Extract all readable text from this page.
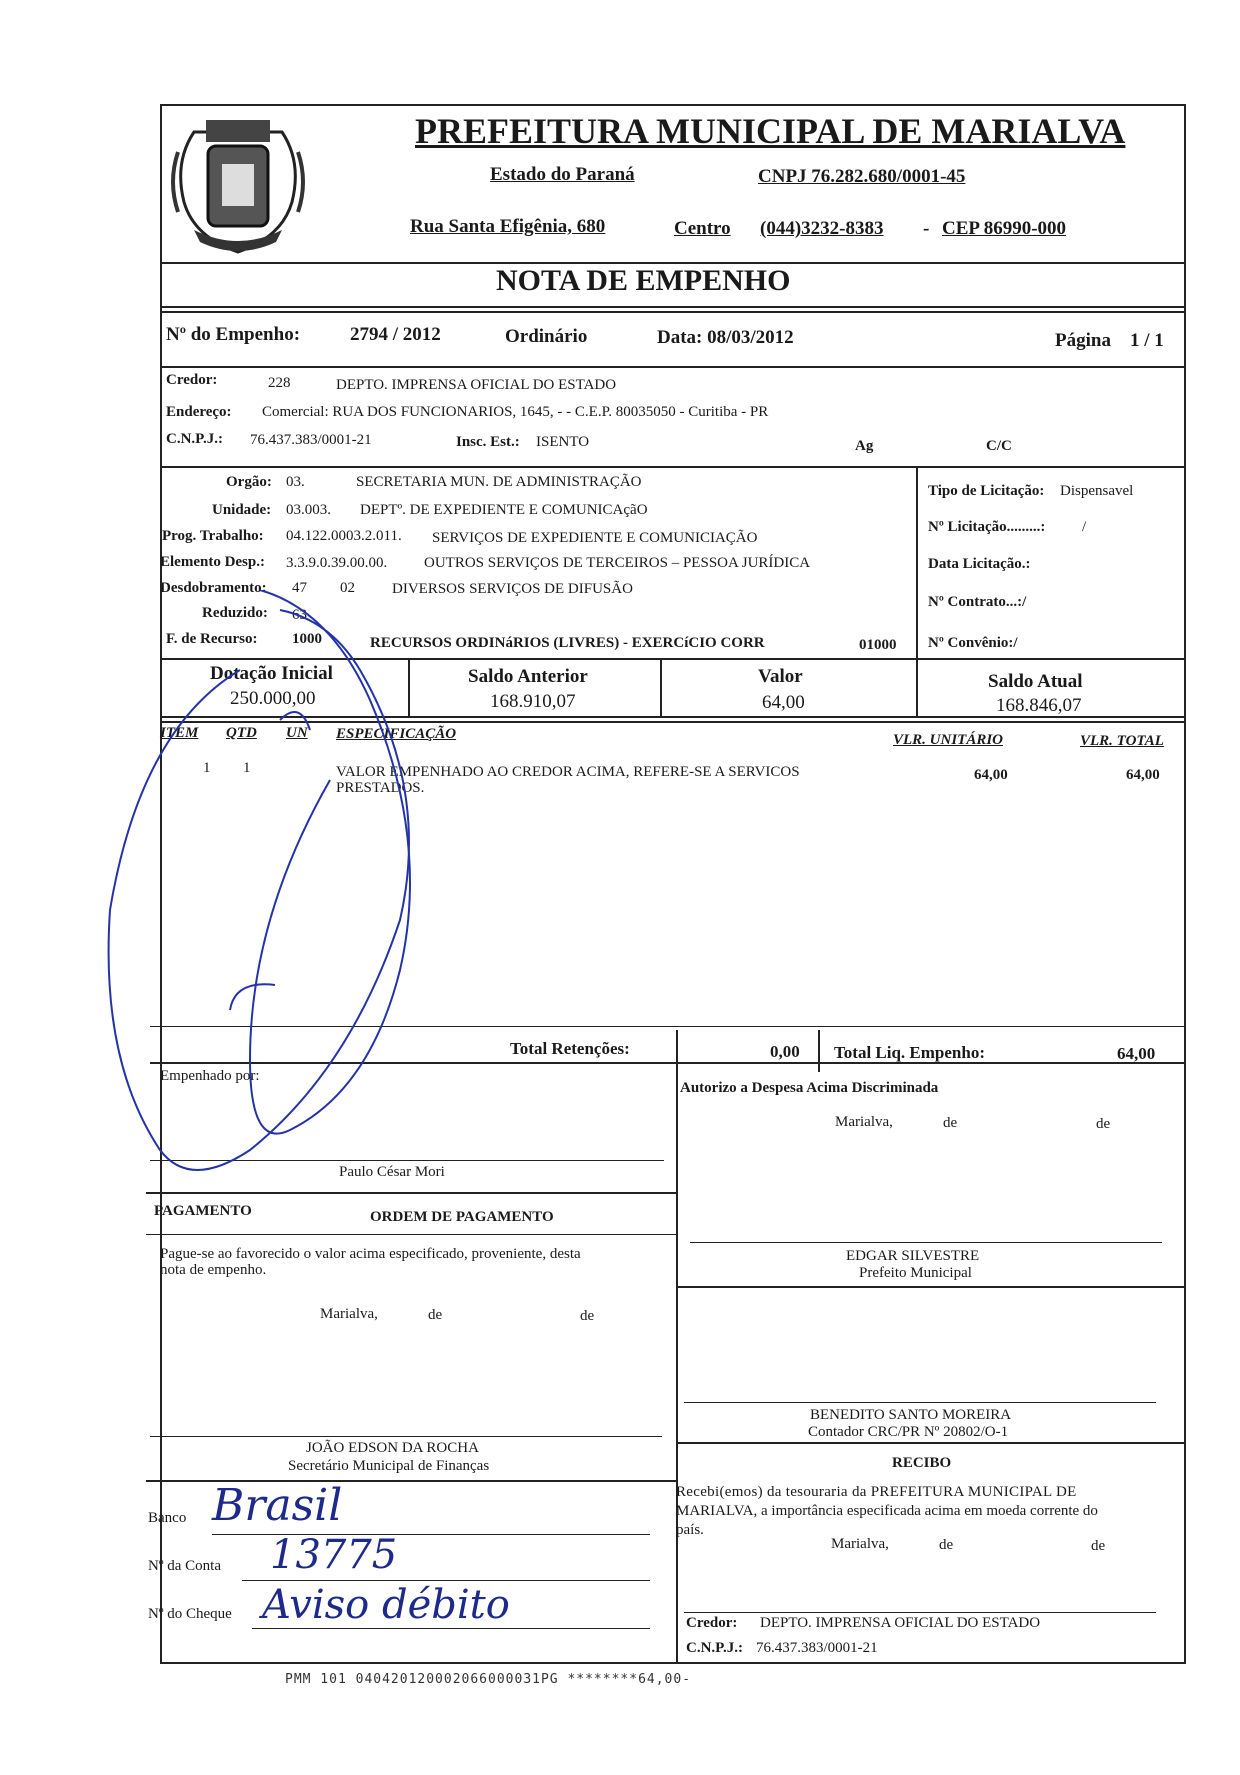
PREFEITURA MUNICIPAL DE MARIALVA
Estado do Paraná	CNPJ 76.282.680/0001-45
Rua Santa Efigênia, 680	Centro (044)3232-8383 - CEP 86990-000
NOTA DE EMPENHO
Nº do Empenho:	2794 / 2012	Ordinário	Data: 08/03/2012	Página 1 / 1
Credor:	228	DEPTO. IMPRENSA OFICIAL DO ESTADO
Endereço: Comercial: RUA DOS FUNCIONARIOS, 1645, - - C.E.P. 80035050 - Curitiba - PR
C.N.P.J.: 76.437.383/0001-21	Insc. Est.: ISENTO	Ag	C/C
Orgão: 03.	SECRETARIA MUN. DE ADMINISTRAÇÃO
Unidade: 03.003. DEPTº. DE EXPEDIENTE E COMUNICAçãO
Prog. Trabalho: 04.122.0003.2.011. SERVIÇOS DE EXPEDIENTE E COMUNICIAÇÃO
Elemento Desp.: 3.3.9.0.39.00.00. OUTROS SERVIÇOS DE TERCEIROS – PESSOA JURÍDICA
Desdobramento: 47 02 DIVERSOS SERVIÇOS DE DIFUSÃO
Reduzido: 63
F. de Recurso: 1000	RECURSOS ORDINáRIOS (LIVRES) - EXERCíCIO CORR	01000
Tipo de Licitação: Dispensavel
Nº Licitação.........: /
Data Licitação.:
Nº Contrato...:/
Nº Convênio:/
Dotação Inicial
250.000,00
Saldo Anterior
168.910,07
Valor
64,00
Saldo Atual
168.846,07
ITEM QTD UN ESPECIFICAÇÃO	VLR. UNITÁRIO	VLR. TOTAL
1 1	VALOR EMPENHADO AO CREDOR ACIMA, REFERE-SE A SERVICOS
PRESTADOS.
64,00	64,00
Total Retenções:	0,00 Total Liq. Empenho:	64,00
Empenhado por:
Paulo César Mori
Autorizo a Despesa Acima Discriminada
Marialva,	de	de
PAGAMENTO	ORDEM DE PAGAMENTO
Pague-se ao favorecido o valor acima especificado, proveniente, desta
nota de empenho.
Marialva,	de	de
EDGAR SILVESTRE
Prefeito Municipal
BENEDITO SANTO MOREIRA
Contador CRC/PR Nº 20802/O-1
JOÃO EDSON DA ROCHA
Secretário Municipal de Finanças	RECIBO
Recebi(emos) da tesouraria da PREFEITURA MUNICIPAL DE
MARIALVA, a importância especificada acima em moeda corrente do
país.
Marialva,	de	de
Credor: DEPTO. IMPRENSA OFICIAL DO ESTADO
C.N.P.J.: 76.437.383/0001-21
Banco Brasil
Nº da Conta 13775
Nº do Cheque Aviso débito
PMM 101 040420120002066000031PG ********64,00-
